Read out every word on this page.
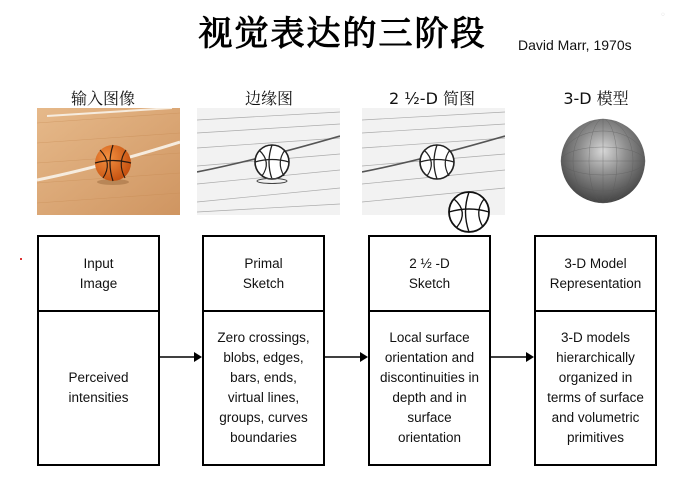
视觉表达的三阶段	David Marr, 1970s
◦
输入图像	边缘图	2 ½-D 简图	3-D 模型
Input
Image
Perceived
intensities
Primal
Sketch
Zero crossings,
blobs, edges,
bars, ends,
virtual lines,
groups, curves
boundaries
2 ½ -D
Sketch
Local surface
orientation and
discontinuities in
depth and in
surface
orientation
3-D Model
Representation
3-D models
hierarchically
organized in
terms of surface
and volumetric
primitives
